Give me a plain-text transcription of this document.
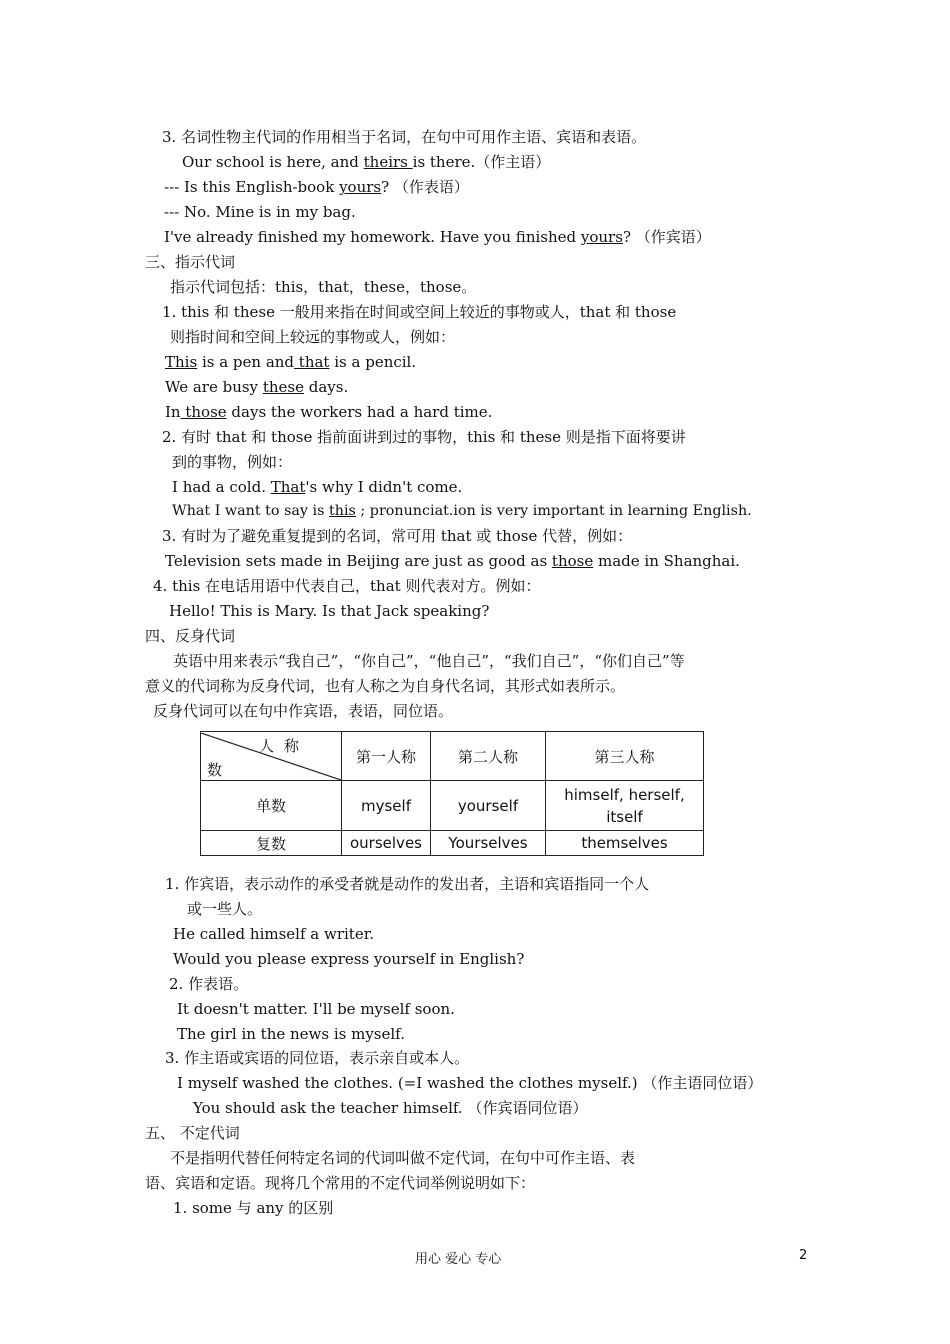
3. 名词性物主代词的作用相当于名词，在句中可用作主语、宾语和表语。
Our school is here, and theirs is there.（作主语）
--- Is this English-book yours? （作表语）
--- No. Mine is in my bag.
I've already finished my homework. Have you finished yours? （作宾语）
三、指示代词
指示代词包括：this，that，these，those。
1. this 和 these 一般用来指在时间或空间上较近的事物或人，that 和 those
则指时间和空间上较远的事物或人，例如：
This is a pen and that is a pencil.
We are busy these days.
In those days the workers had a hard time.
2. 有时 that 和 those 指前面讲到过的事物，this 和 these 则是指下面将要讲
到的事物，例如：
I had a cold. That's why I didn't come.
What I want to say is this ; pronunciat.ion is very important in learning English.
3. 有时为了避免重复提到的名词，常可用 that 或 those 代替，例如：
Television sets made in Beijing are just as good as those made in Shanghai.
4. this 在电话用语中代表自己，that 则代表对方。例如：
Hello! This is Mary. Is that Jack speaking?
四、反身代词
英语中用来表示“我自己”，“你自己”，“他自己”，“我们自己”，“你们自己”等
意义的代词称为反身代词，也有人称之为自身代名词，其形式如表所示。
反身代词可以在句中作宾语，表语，同位语。
人称
数	第一人称	第二人称	第三人称
单数	myself	yourself	himself, herself,
itself
复数	ourselves	Yourselves	themselves
1. 作宾语，表示动作的承受者就是动作的发出者，主语和宾语指同一个人
或一些人。
He called himself a writer.
Would you please express yourself in English?
2. 作表语。
It doesn't matter. I'll be myself soon.
The girl in the news is myself.
3. 作主语或宾语的同位语，表示亲自或本人。
I myself washed the clothes. (=I washed the clothes myself.) （作主语同位语）
You should ask the teacher himself. （作宾语同位语）
五、 不定代词
不是指明代替任何特定名词的代词叫做不定代词，在句中可作主语、表
语、宾语和定语。现将几个常用的不定代词举例说明如下：
1. some 与 any 的区别
用心 爱心 专心	2
